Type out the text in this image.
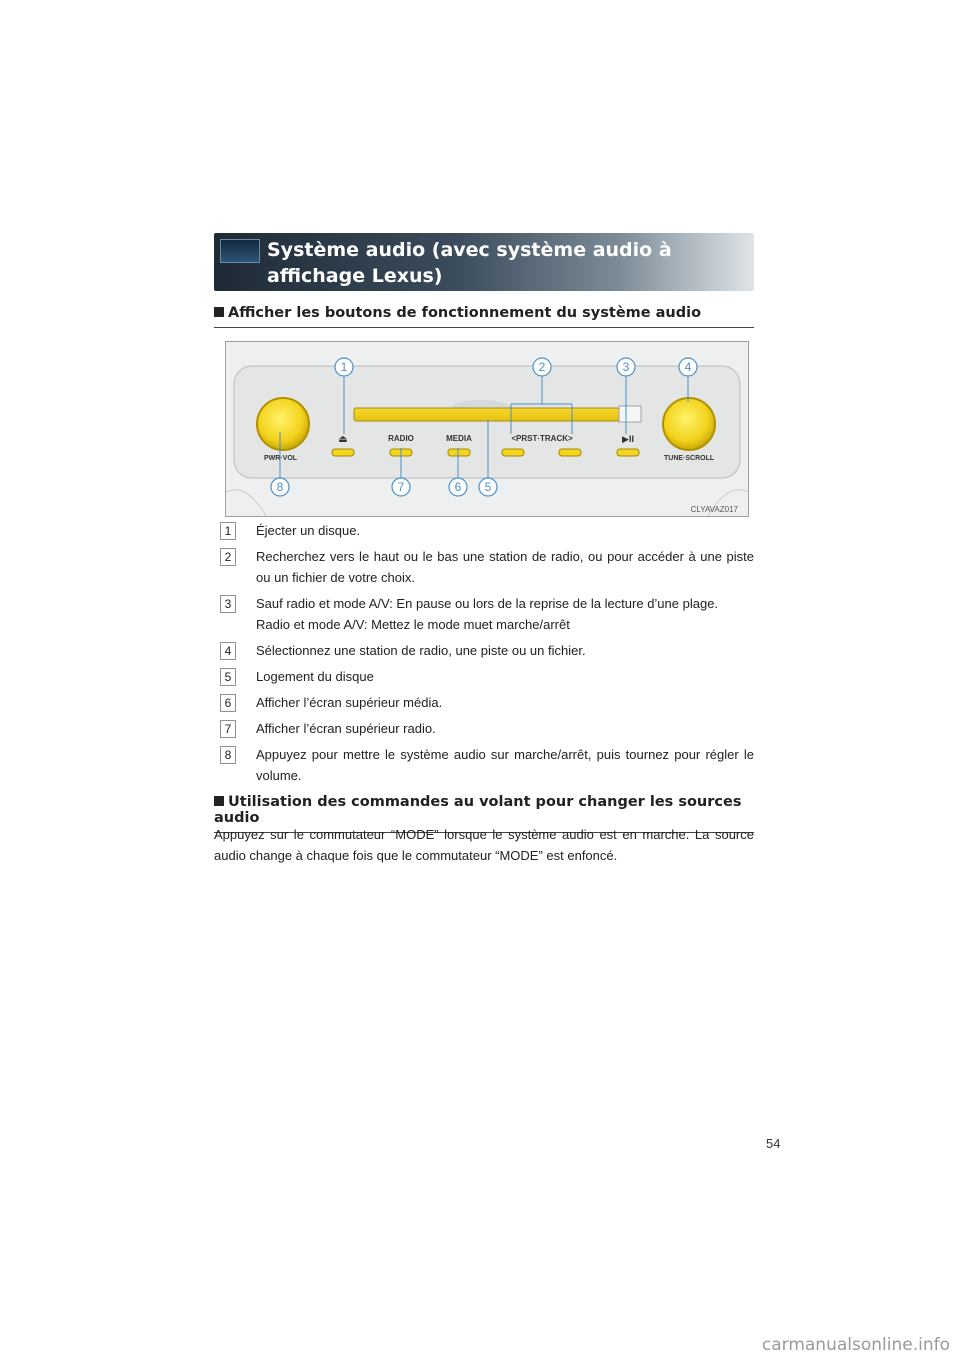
Système audio (avec système audio à affichage Lexus)
Afficher les boutons de fonctionnement du système audio
⏏	▶II
RADIO	MEDIA	<PRST·TRACK>
PWR·VOL	TUNE·SCROLL
1	2	3	4
5
6
7
8
CLYAVAZ017
1	Éjecter un disque.
2	Recherchez vers le haut ou le bas une station de radio, ou pour accéder à une piste ou un fichier de votre choix.
3	Sauf radio et mode A/V: En pause ou lors de la reprise de la lecture d’une plage.
Radio et mode A/V: Mettez le mode muet marche/arrêt
4	Sélectionnez une station de radio, une piste ou un fichier.
5	Logement du disque
6	Afficher l’écran supérieur média.
7	Afficher l’écran supérieur radio.
8	Appuyez pour mettre le système audio sur marche/arrêt, puis tournez pour régler le volume.
Utilisation des commandes au volant pour changer les sources audio
Appuyez sur le commutateur “MODE” lorsque le système audio est en marche. La source audio change à chaque fois que le commutateur “MODE” est enfoncé.
54
carmanualsonline.info
